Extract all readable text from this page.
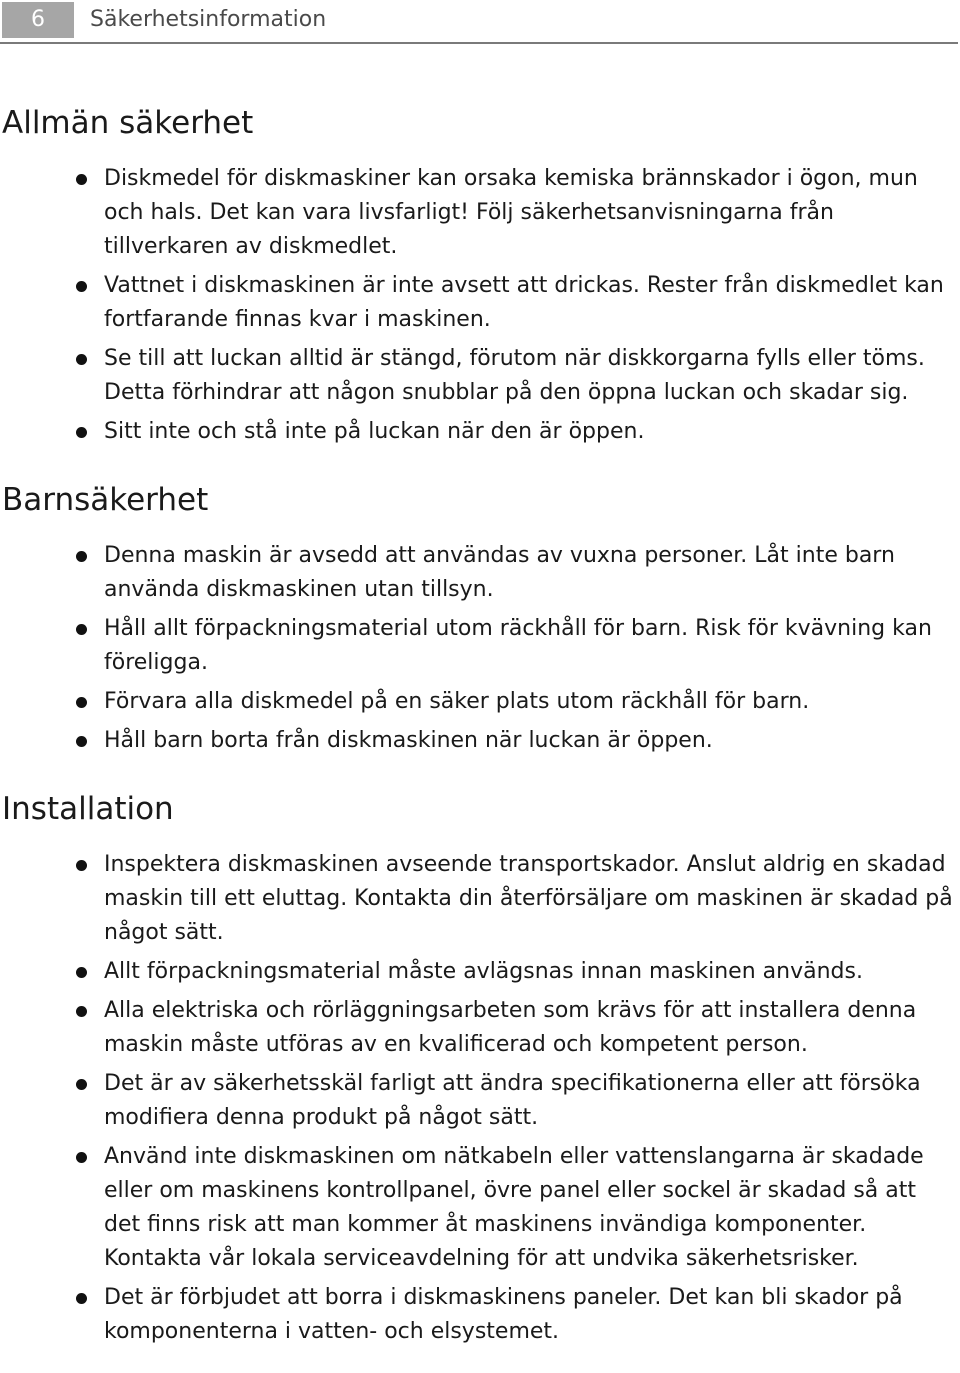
6	Säkerhetsinformation
Allmän säkerhet
Diskmedel för diskmaskiner kan orsaka kemiska brännskador i ögon, mun och hals. Det kan vara livsfarligt! Följ säkerhetsanvisningarna från tillverkaren av diskmedlet.
Vattnet i diskmaskinen är inte avsett att drickas. Rester från diskmedlet kan fortfarande finnas kvar i maskinen.
Se till att luckan alltid är stängd, förutom när diskkorgarna fylls eller töms. Detta förhindrar att någon snubblar på den öppna luckan och skadar sig.
Sitt inte och stå inte på luckan när den är öppen.
Barnsäkerhet
Denna maskin är avsedd att användas av vuxna personer. Låt inte barn använda diskmaskinen utan tillsyn.
Håll allt förpackningsmaterial utom räckhåll för barn. Risk för kvävning kan föreligga.
Förvara alla diskmedel på en säker plats utom räckhåll för barn.
Håll barn borta från diskmaskinen när luckan är öppen.
Installation
Inspektera diskmaskinen avseende transportskador. Anslut aldrig en skadad maskin till ett eluttag. Kontakta din återförsäljare om maskinen är skadad på något sätt.
Allt förpackningsmaterial måste avlägsnas innan maskinen används.
Alla elektriska och rörläggningsarbeten som krävs för att installera denna maskin måste utföras av en kvalificerad och kompetent person.
Det är av säkerhetsskäl farligt att ändra specifikationerna eller att försöka modifiera denna produkt på något sätt.
Använd inte diskmaskinen om nätkabeln eller vattenslangarna är skadade eller om maskinens kontrollpanel, övre panel eller sockel är skadad så att det finns risk att man kommer åt maskinens invändiga komponenter. Kontakta vår lokala serviceavdelning för att undvika säkerhetsrisker.
Det är förbjudet att borra i diskmaskinens paneler. Det kan bli skador på komponenterna i vatten- och elsystemet.
